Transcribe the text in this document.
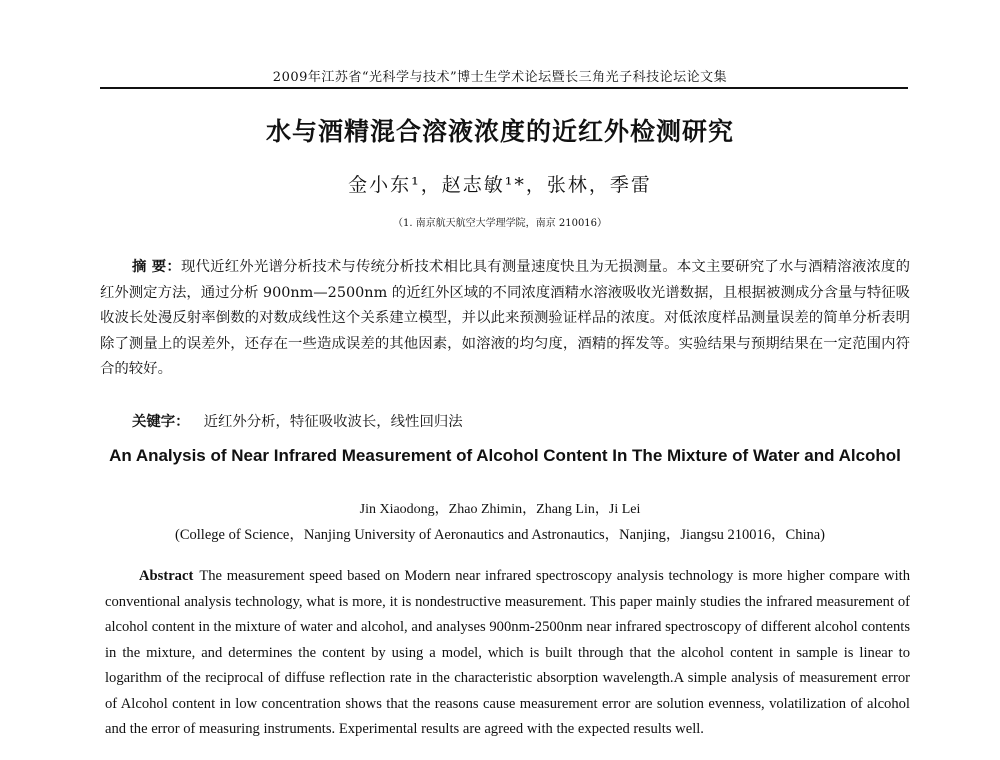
2009年江苏省“光科学与技术”博士生学术论坛暨长三角光子科技论坛论文集
水与酒精混合溶液浓度的近红外检测研究
金小东¹，赵志敏¹*，张林，季雷
（1. 南京航天航空大学理学院，南京 210016）
摘 要：现代近红外光谱分析技术与传统分析技术相比具有测量速度快且为无损测量。本文主要研究了水与酒精溶液浓度的红外测定方法，通过分析 900nm—2500nm 的近红外区域的不同浓度酒精水溶液吸收光谱数据，且根据被测成分含量与特征吸收波长处漫反射率倒数的对数成线性这个关系建立模型，并以此来预测验证样品的浓度。对低浓度样品测量误差的简单分析表明除了测量上的误差外，还存在一些造成误差的其他因素，如溶液的均匀度，酒精的挥发等。实验结果与预期结果在一定范围内符合的较好。
关键字： 近红外分析，特征吸收波长，线性回归法
An Analysis of Near Infrared Measurement of Alcohol Content In The Mixture of Water and Alcohol
Jin Xiaodong，Zhao Zhimin，Zhang Lin，Ji Lei
(College of Science，Nanjing University of Aeronautics and Astronautics，Nanjing，Jiangsu 210016，China)
Abstract The measurement speed based on Modern near infrared spectroscopy analysis technology is more higher compare with conventional analysis technology, what is more, it is nondestructive measurement. This paper mainly studies the infrared measurement of alcohol content in the mixture of water and alcohol, and analyses 900nm-2500nm near infrared spectroscopy of different alcohol contents in the mixture, and determines the content by using a model, which is built through that the alcohol content in sample is linear to logarithm of the reciprocal of diffuse reflection rate in the characteristic absorption wavelength.A simple analysis of measurement error of Alcohol content in low concentration shows that the reasons cause measurement error are solution evenness, volatilization of alcohol and the error of measuring instruments. Experimental results are agreed with the expected results well.
